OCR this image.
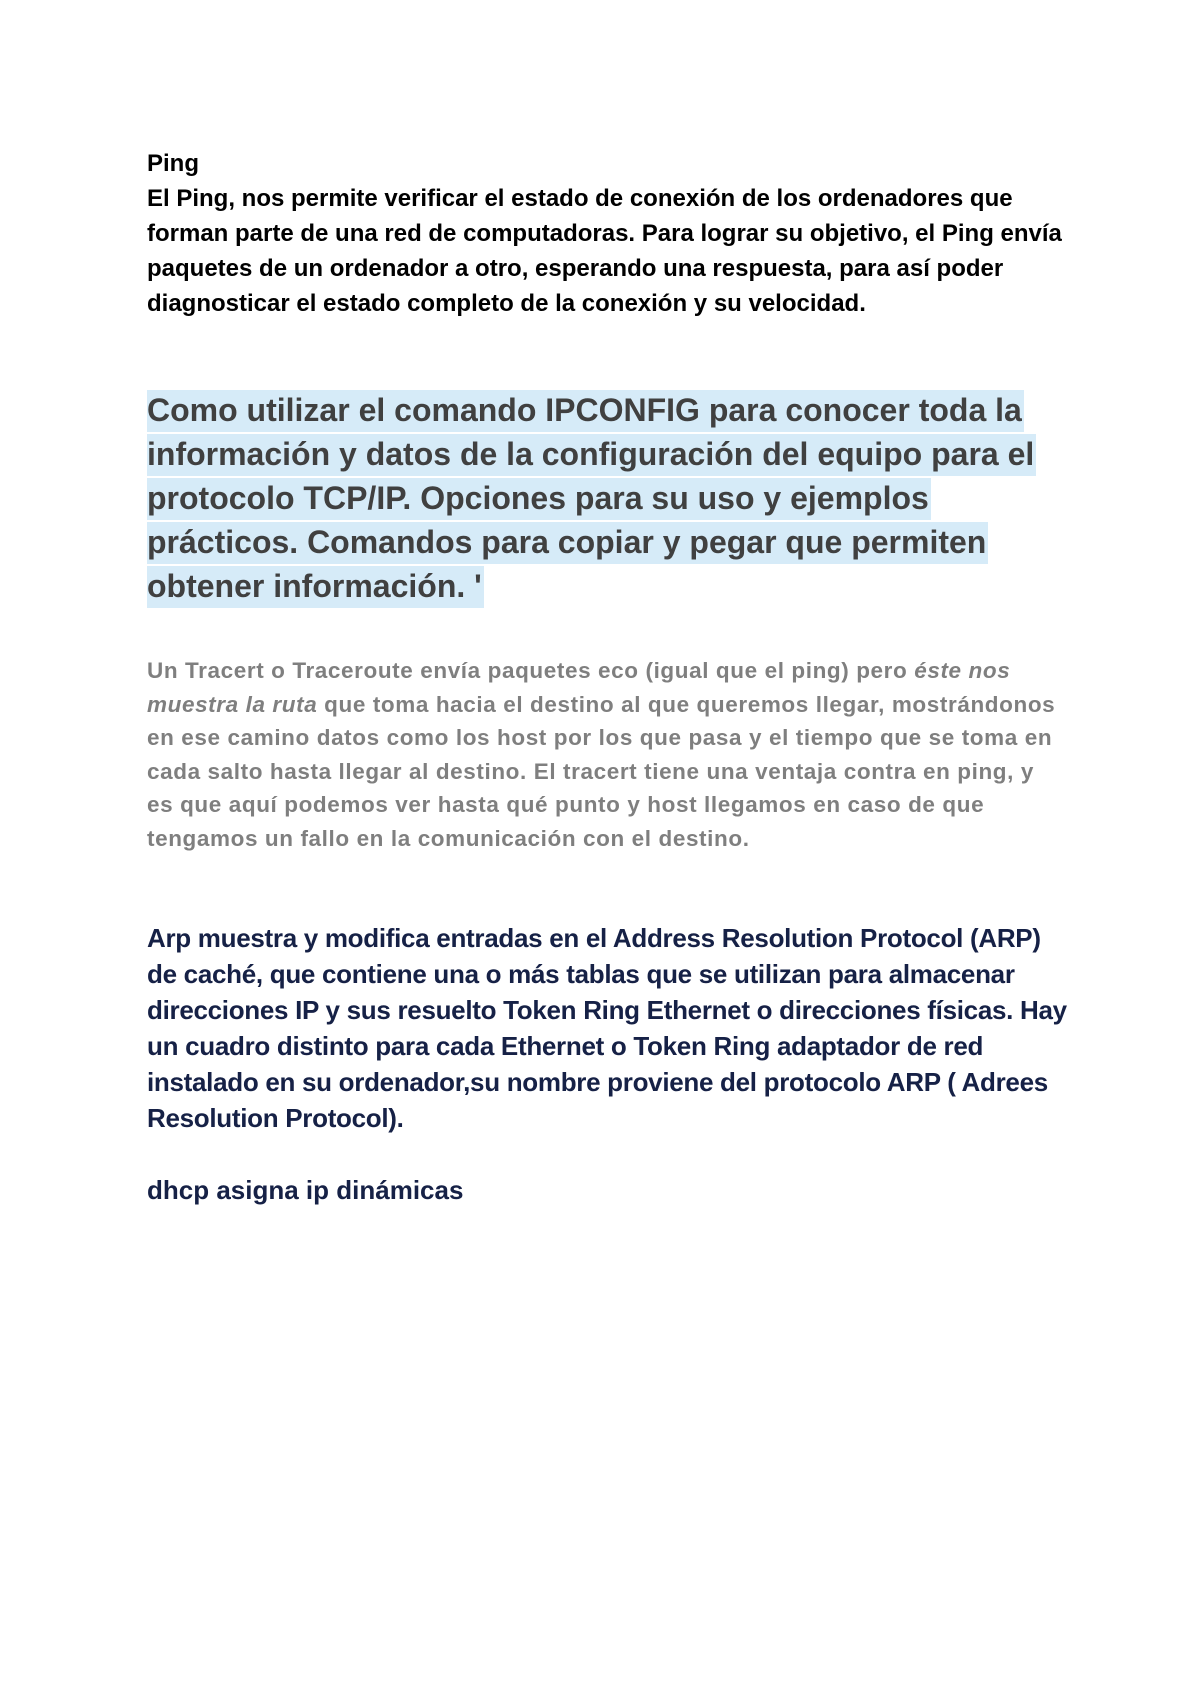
Ping

El Ping, nos permite verificar el estado de conexión de los ordenadores que forman parte de una red de computadoras. Para lograr su objetivo, el Ping envía paquetes de un ordenador a otro, esperando una respuesta, para así poder diagnosticar el estado completo de la conexión y su velocidad.

Como utilizar el comando IPCONFIG para conocer toda la información y datos de la configuración del equipo para el protocolo TCP/IP. Opciones para su uso y ejemplos prácticos. Comandos para copiar y pegar que permiten obtener información. '
Un Tracert o Traceroute envía paquetes eco (igual que el ping) pero éste nos muestra la ruta que toma hacia el destino al que queremos llegar, mostrándonos en ese camino datos como los host por los que pasa y el tiempo que se toma en cada salto hasta llegar al destino. El tracert tiene una ventaja contra en ping, y es que aquí podemos ver hasta qué punto y host llegamos en caso de que tengamos un fallo en la comunicación con el destino.
Arp muestra y modifica entradas en el Address Resolution Protocol (ARP) de caché, que contiene una o más tablas que se utilizan para almacenar direcciones IP y sus resuelto Token Ring Ethernet o direcciones físicas. Hay un cuadro distinto para cada Ethernet o Token Ring adaptador de red instalado en su ordenador,su nombre proviene del protocolo ARP ( Adrees Resolution Protocol).
dhcp asigna ip dinámicas
